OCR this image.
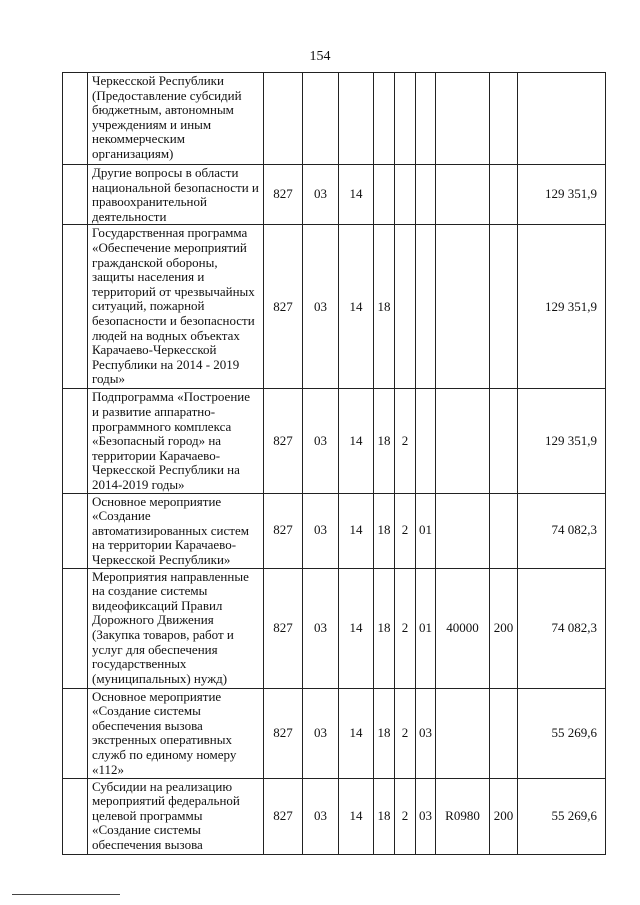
154
	Черкесской Республики (Предоставление субсидий бюджетным, автономным учреждениям и иным некоммерческим организациям)									
	Другие вопросы в области национальной безопасности и правоохранительной деятельности	827	03	14						129 351,9
	Государственная программа «Обеспечение мероприятий гражданской обороны, защиты населения и территорий от чрезвычайных ситуаций, пожарной безопасности и безопасности людей на водных объектах Карачаево-Черкесской Республики на 2014 - 2019 годы»	827	03	14	18					129 351,9
	Подпрограмма «Построение и развитие аппаратно-программного комплекса «Безопасный город» на территории Карачаево-Черкесской Республики на 2014-2019 годы»	827	03	14	18	2				129 351,9
	Основное мероприятие «Создание автоматизированных систем на территории Карачаево-Черкесской Республики»	827	03	14	18	2	01			74 082,3
	Мероприятия направленные на создание системы видеофиксаций Правил Дорожного Движения (Закупка товаров, работ и услуг для обеспечения государственных (муниципальных) нужд)	827	03	14	18	2	01	40000	200	74 082,3
	Основное мероприятие «Создание системы обеспечения вызова экстренных оперативных служб по единому номеру «112»	827	03	14	18	2	03			55 269,6
	Субсидии на реализацию мероприятий федеральной целевой программы «Создание системы обеспечения вызова	827	03	14	18	2	03	R0980	200	55 269,6
